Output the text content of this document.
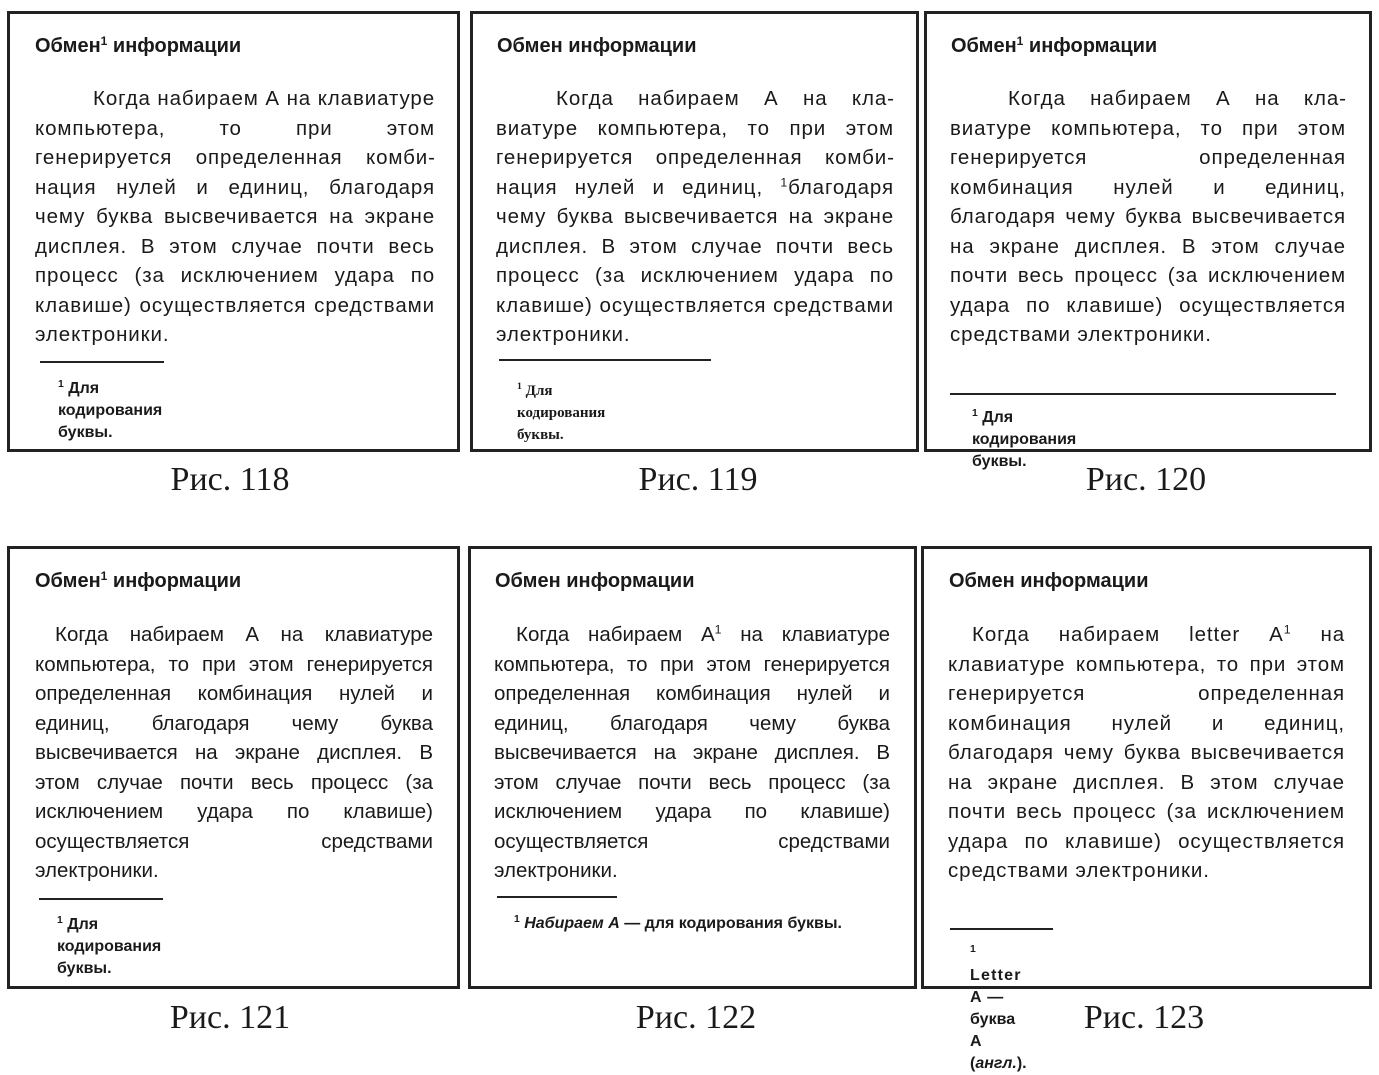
Обмен$^1$ информации
Когда набираем А на клавиатуре компьютера, то при этом генерируется определенная комбинация нулей и единиц, благодаря чему буква высвечивается на экране дисплея. В этом случае почти весь процесс (за исключением удара по клавише) осуществляется средствами электроники.
$^1$ Для кодирования буквы.
Рис. 118
Обмен информации
Когда набираем А на клавиатуре компьютера, то при этом генерируется определенная комбинация нулей и единиц, $^1$благодаря чему буква высвечивается на экране дисплея. В этом случае почти весь процесс (за исключением удара по клавише) осуществляется средствами электроники.
$^1$ Для кодирования буквы.
Рис. 119
Обмен$^1$ информации
Когда набираем А на клавиатуре компьютера, то при этом генерируется определенная комбинация нулей и единиц, благодаря чему буква высвечивается на экране дисплея. В этом случае почти весь процесс (за исключением удара по клавише) осуществляется средствами электроники.
$^1$ Для кодирования буквы.	Рис. 120
Обмен$^1$ информации
Когда набираем А на клавиатуре компьютера, то при этом генерируется определенная комбинация нулей и единиц, благодаря чему буква высвечивается на экране дисплея. В этом случае почти весь процесс (за исключением удара по клавише) осуществляется средствами электроники.
$^1$ Для кодирования буквы.
Рис. 121
Обмен информации
Когда набираем $А^1$ на клавиатуре компьютера, то при этом генерируется определенная комбинация нулей и единиц, благодаря чему буква высвечивается на экране дисплея. В этом случае почти весь процесс (за исключением удара по клавише) осуществляется средствами электроники.
$^1$ Набираем А — для кодирования буквы.
Рис. 122
Обмен информации
Когда набираем letter $А^1$ на клавиатуре компьютера, то при этом генерируется определенная комбинация нулей и единиц, благодаря чему буква высвечивается на экране дисплея. В этом случае почти весь процесс (за исключением удара по клавише) осуществляется средствами электроники.
$^1$ Letter A — буква А (англ.).
Рис. 123
